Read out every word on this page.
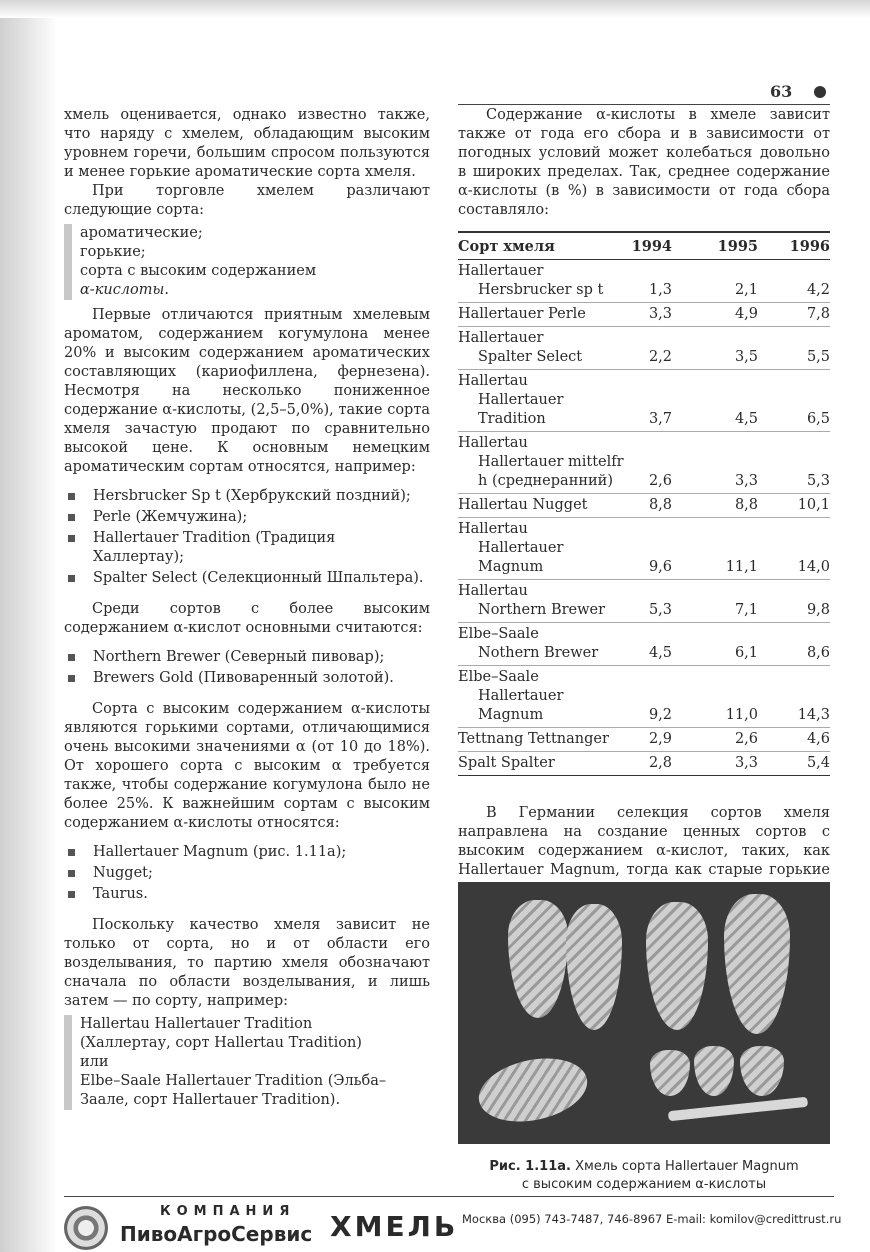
63

хмель оценивается, однако известно также, что наряду с хмелем, обладающим высоким уровнем горечи, большим спросом пользуются и менее горькие ароматические сорта хмеля.

При торговле хмелем различают следующие сорта:

ароматические;
горькие;
сорта с высоким содержанием
α-кислоты.

Первые отличаются приятным хмелевым ароматом, содержанием когумулона менее 20% и высоким содержанием ароматических составляющих (кариофиллена, фернезена). Несмотря на несколько пониженное содержание α-кислоты, (2,5–5,0%), такие сорта хмеля зачастую продают по сравнительно высокой цене. К основным немецким ароматическим сортам относятся, например:

Hersbrucker Sp t (Хербрукский поздний);
Perle (Жемчужина);
Hallertauer Tradition (Традиция Халлертау);
Spalter Select (Селекционный Шпальтера).

Среди сортов с более высоким содержанием α-кислот основными считаются:

Northern Brewer (Северный пивовар);
Brewers Gold (Пивоваренный золотой).

Сорта с высоким содержанием α-кислоты являются горькими сортами, отличающимися очень высокими значениями α (от 10 до 18%). От хорошего сорта с высоким α требуется также, чтобы содержание когумулона было не более 25%. К важнейшим сортам с высоким содержанием α-кислоты относятся:

Hallertauer Magnum (рис. 1.11а);
Nugget;
Taurus.

Поскольку качество хмеля зависит не только от сорта, но и от области его возделывания, то партию хмеля обозначают сначала по области возделывания, и лишь затем — по сорту, например:

Hallertau Hallertauer Tradition
(Халлертау, сорт Hallertau Tradition)
или
Elbe–Saale Hallertauer Tradition (Эльба–Заале, сорт Hallertauer Tradition).

Содержание α-кислоты в хмеле зависит также от года его сбора и в зависимости от погодных условий может колебаться довольно в широких пределах. Так, среднее содержание α-кислоты (в %) в зависимости от года сбора составляло:

Сорт хмеля	1994	1995	1996

Hallertauer
Hersbrucker sp t	1,3	2,1	4,2

Hallertauer Perle	3,3	4,9	7,8

Hallertauer
Spalter Select	2,2	3,5	5,5

Hallertau
Hallertauer Tradition	3,7	4,5	6,5

Hallertau
Hallertauer mittelfr h (среднеранний)	2,6	3,3	5,3

Hallertau Nugget	8,8	8,8	10,1

Hallertau
Hallertauer Magnum	9,6	11,1	14,0

Hallertau
Northern Brewer	5,3	7,1	9,8

Elbe–Saale
Nothern Brewer	4,5	6,1	8,6

Elbe–Saale
Hallertauer Magnum	9,2	11,0	14,3

Tettnang Tettnanger	2,9	2,6	4,6

Spalt Spalter	2,8	3,3	5,4

В Германии селекция сортов хмеля направлена на создание ценных сортов с высоким содержанием α-кислот, таких, как Hallertauer Magnum, тогда как старые горькие

Рис. 1.11а. Хмель сорта Hallertauer Magnum
с высоким содержанием α-кислоты
КОМПАНИЯ
ПивоАгроСервис ХМЕЛЬ Москва (095) 743-7487, 746-8967 E-mail: komilov@credittrust.ru
